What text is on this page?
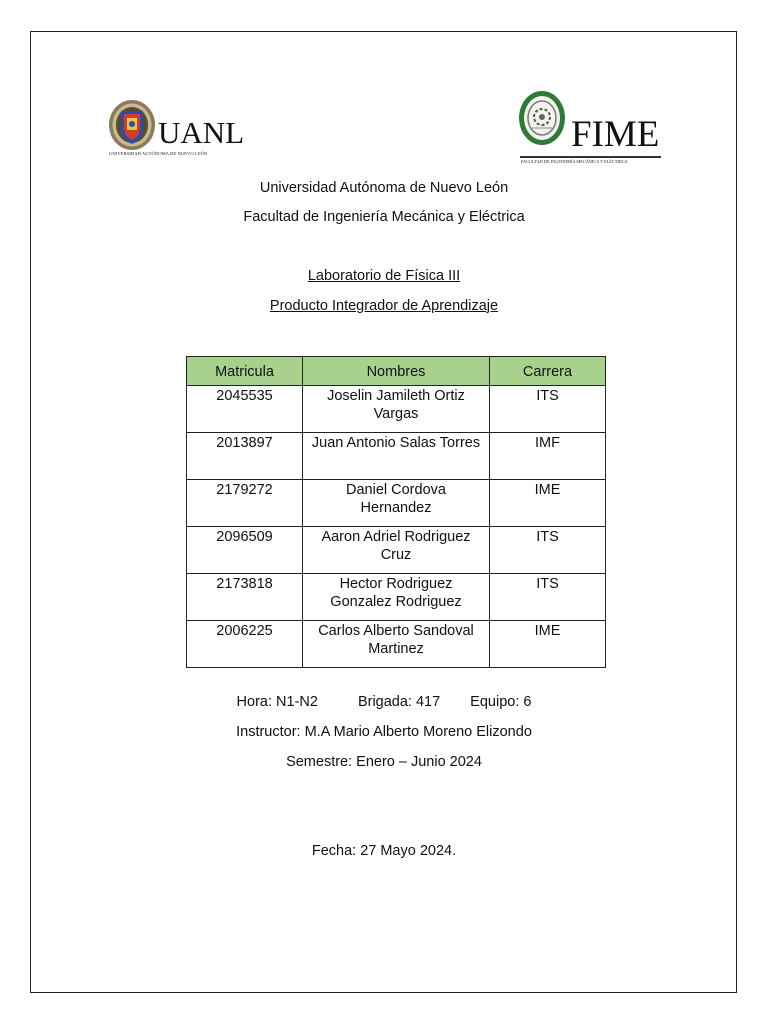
UANL
UNIVERSIDAD AUTÓNOMA DE NUEVO LEÓN	FIME
FACULTAD DE INGENIERÍA MECÁNICA Y ELÉCTRICA
Universidad Autónoma de Nuevo León
Facultad de Ingeniería Mecánica y Eléctrica
Laboratorio de Física III
Producto Integrador de Aprendizaje
Matricula	Nombres	Carrera
2045535	Joselin Jamileth Ortiz Vargas	ITS
2013897	Juan Antonio Salas Torres	IMF
2179272	Daniel Cordova Hernandez	IME
2096509	Aaron Adriel Rodriguez Cruz	ITS
2173818	Hector Rodriguez Gonzalez Rodriguez	ITS
2006225	Carlos Alberto Sandoval Martinez	IME
Hora: N1-N2	Brigada: 417 Equipo: 6
Instructor: M.A Mario Alberto Moreno Elizondo
Semestre: Enero – Junio 2024
Fecha: 27 Mayo 2024.
